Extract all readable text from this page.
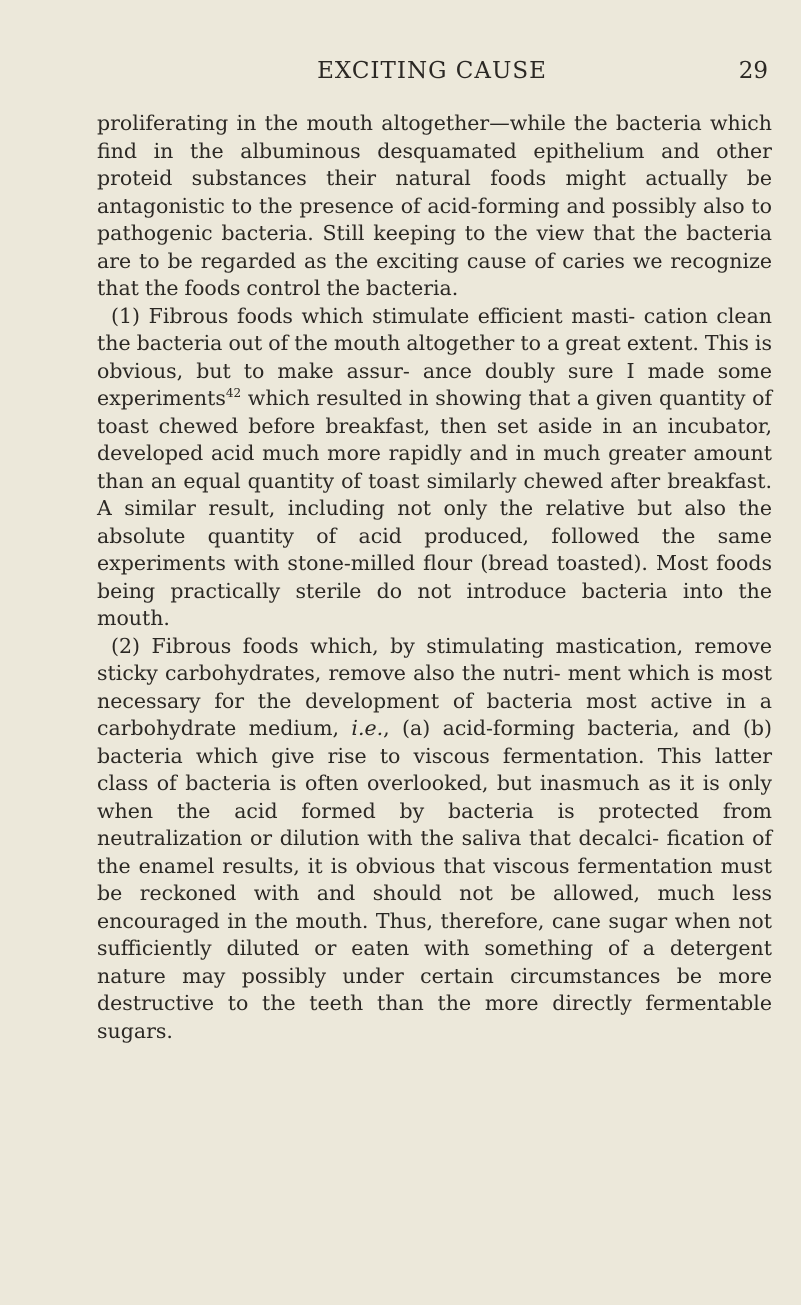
EXCITING CAUSE	29

proliferating in the mouth altogether—while the bacteria which find in the albuminous desquamated epithelium and other proteid substances their natural foods might actually be antagonistic to the presence of acid-forming and possibly also to pathogenic bacteria. Still keeping to the view that the bacteria are to be regarded as the exciting cause of caries we recognize that the foods control the bacteria.

(1) Fibrous foods which stimulate efficient masti- cation clean the bacteria out of the mouth altogether to a great extent. This is obvious, but to make assur- ance doubly sure I made some experiments$^{42}$ which resulted in showing that a given quantity of toast chewed before breakfast, then set aside in an incubator, developed acid much more rapidly and in much greater amount than an equal quantity of toast similarly chewed after breakfast. A similar result, including not only the relative but also the absolute quantity of acid produced, followed the same experiments with stone-milled flour (bread toasted). Most foods being practically sterile do not introduce bacteria into the mouth.

(2) Fibrous foods which, by stimulating mastication, remove sticky carbohydrates, remove also the nutri- ment which is most necessary for the development of bacteria most active in a carbohydrate medium, i.e., (a) acid-forming bacteria, and (b) bacteria which give rise to viscous fermentation. This latter class of bacteria is often overlooked, but inasmuch as it is only when the acid formed by bacteria is protected from neutralization or dilution with the saliva that decalci- fication of the enamel results, it is obvious that viscous fermentation must be reckoned with and should not be allowed, much less encouraged in the mouth. Thus, therefore, cane sugar when not sufficiently diluted or eaten with something of a detergent nature may possibly under certain circumstances be more destructive to the teeth than the more directly fermentable sugars.
